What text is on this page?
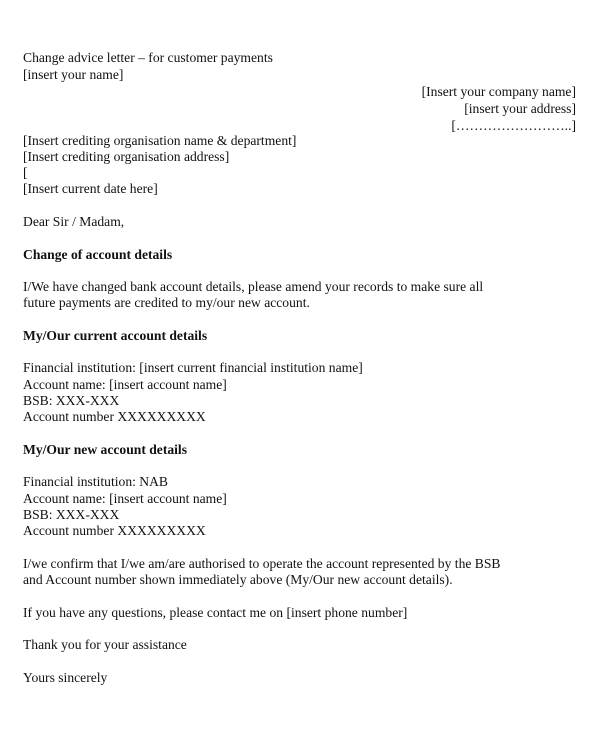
Change advice letter – for customer payments
[insert your name]
[Insert your company name]
[insert your address]
[……………………..]
[Insert crediting organisation name & department]
[Insert crediting organisation address]
[
[Insert current date here]
Dear Sir / Madam,
Change of account details
I/We have changed bank account details, please amend your records to make sure all
future payments are credited to my/our new account.
My/Our current account details
Financial institution: [insert current financial institution name]
Account name: [insert account name]
BSB: XXX-XXX
Account number XXXXXXXXX
My/Our new account details
Financial institution: NAB
Account name: [insert account name]
BSB: XXX-XXX
Account number XXXXXXXXX
I/we confirm that I/we am/are authorised to operate the account represented by the BSB
and Account number shown immediately above (My/Our new account details).
If you have any questions, please contact me on [insert phone number]
Thank you for your assistance
Yours sincerely
